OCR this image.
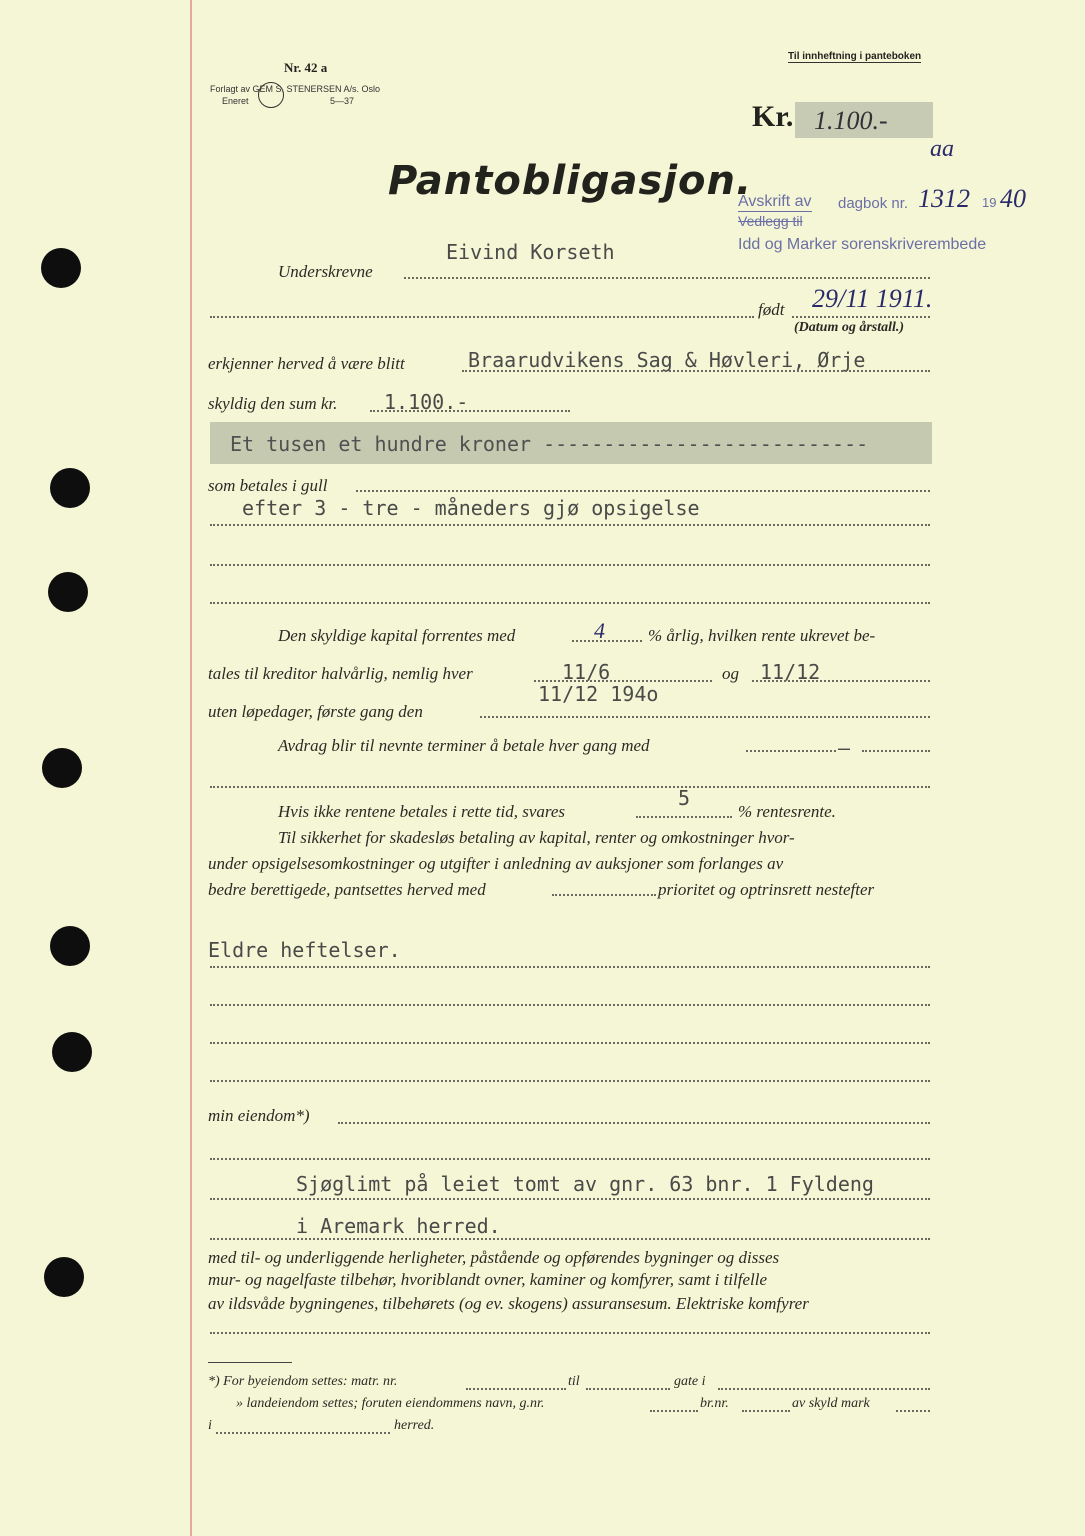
Nr. 42 a
Forlagt av GEM S. STENERSEN A/s. Oslo
Eneret	5—37
Til innheftning i panteboken
Kr. 1.100.-
aa
Pantobligasjon.
Avskrift av dagbok nr. 1312 19 40
Vedlegg til
Idd og Marker sorenskriverembede
Eivind Korseth
Underskrevne
født 29/11 1911.
(Datum og årstall.)
erkjenner herved å være blitt	Braarudvikens Sag & Høvleri, Ørje
skyldig den sum kr. 1.100.-
Et tusen et hundre kroner ---------------------------
som betales i gull
efter 3 - tre - måneders gjø opsigelse
Den skyldige kapital forrentes med	4	% årlig, hvilken rente ukrevet be-
tales til kreditor halvårlig, nemlig hver	11/6	og 11/12
11/12 194o
uten løpedager, første gang den
Avdrag blir til nevnte terminer å betale hver gang med	—
5
Hvis ikke rentene betales i rette tid, svares	% rentesrente.
Til sikkerhet for skadesløs betaling av kapital, renter og omkostninger hvor-
under opsigelsesomkostninger og utgifter i anledning av auksjoner som forlanges av
bedre berettigede, pantsettes herved med	prioritet og optrinsrett nestefter
Eldre heftelser.
min eiendom*)
Sjøglimt på leiet tomt av gnr. 63 bnr. 1 Fyldeng
i Aremark herred.
med til- og underliggende herligheter, påstående og opførendes bygninger og disses
mur- og nagelfaste tilbehør, hvoriblandt ovner, kaminer og komfyrer, samt i tilfelle
av ildsvåde bygningenes, tilbehørets (og ev. skogens) assuransesum. Elektriske komfyrer
*) For byeiendom settes: matr. nr.	til	gate i
» landeiendom settes; foruten eiendommens navn, g.nr.	br.nr.	av skyld mark
i	herred.
